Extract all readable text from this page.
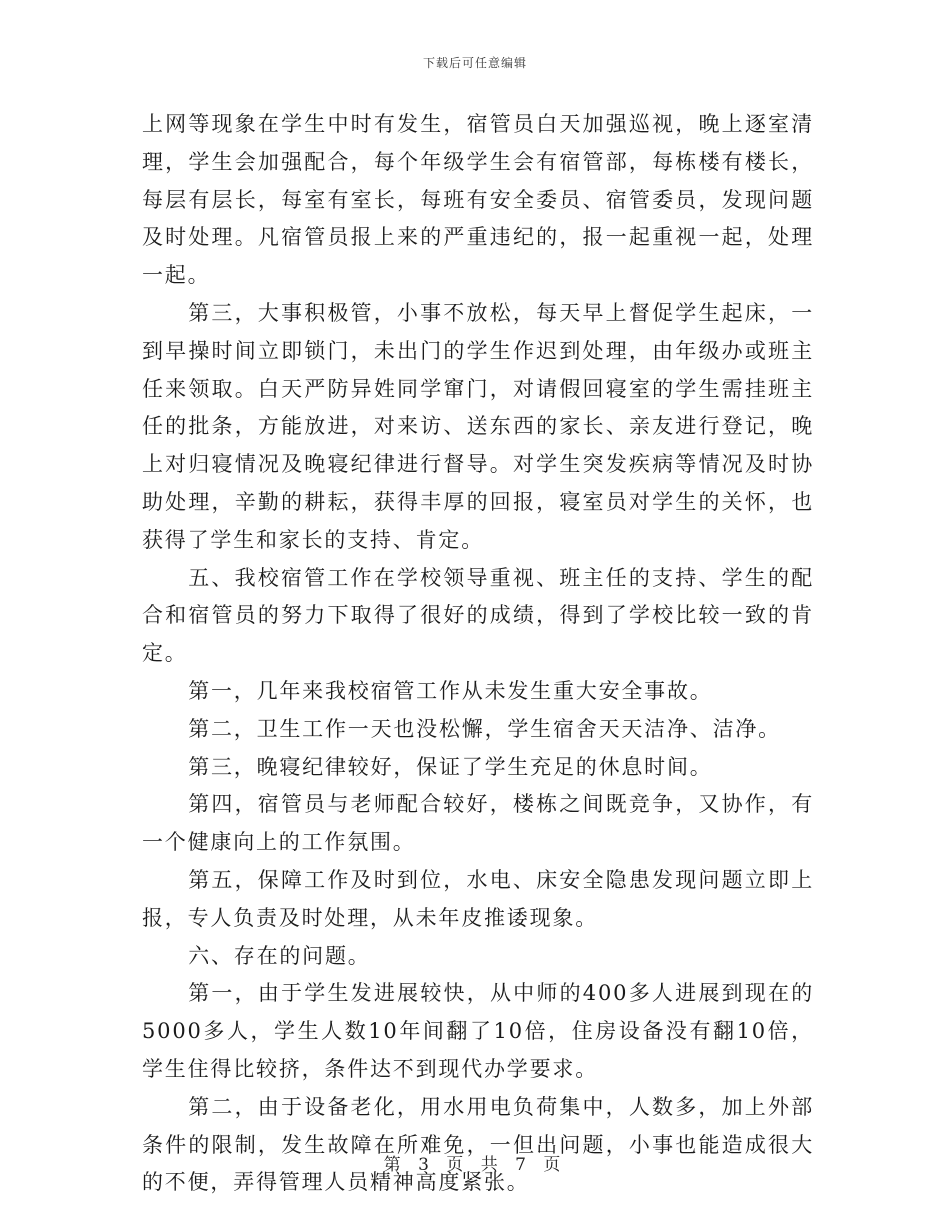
下载后可任意编辑

上网等现象在学生中时有发生，宿管员白天加强巡视，晚上逐室清理，学生会加强配合，每个年级学生会有宿管部，每栋楼有楼长，每层有层长，每室有室长，每班有安全委员、宿管委员，发现问题及时处理。凡宿管员报上来的严重违纪的，报一起重视一起，处理一起。

第三，大事积极管，小事不放松，每天早上督促学生起床，一到早操时间立即锁门，未出门的学生作迟到处理，由年级办或班主任来领取。白天严防异姓同学窜门，对请假回寝室的学生需挂班主任的批条，方能放进，对来访、送东西的家长、亲友进行登记，晚上对归寝情况及晚寝纪律进行督导。对学生突发疾病等情况及时协助处理，辛勤的耕耘，获得丰厚的回报，寝室员对学生的关怀，也获得了学生和家长的支持、肯定。

五、我校宿管工作在学校领导重视、班主任的支持、学生的配合和宿管员的努力下取得了很好的成绩，得到了学校比较一致的肯定。

第一，几年来我校宿管工作从未发生重大安全事故。

第二，卫生工作一天也没松懈，学生宿舍天天洁净、洁净。

第三，晚寝纪律较好，保证了学生充足的休息时间。

第四，宿管员与老师配合较好，楼栋之间既竞争，又协作，有一个健康向上的工作氛围。

第五，保障工作及时到位，水电、床安全隐患发现问题立即上报，专人负责及时处理，从未年皮推诿现象。

六、存在的问题。

第一，由于学生发进展较快，从中师的400多人进展到现在的5000多人，学生人数10年间翻了10倍，住房设备没有翻10倍，学生住得比较挤，条件达不到现代办学要求。

第二，由于设备老化，用水用电负荷集中，人数多，加上外部条件的限制，发生故障在所难免，一但出问题，小事也能造成很大的不便，弄得管理人员精神高度紧张。

第 3 页 共 7 页
